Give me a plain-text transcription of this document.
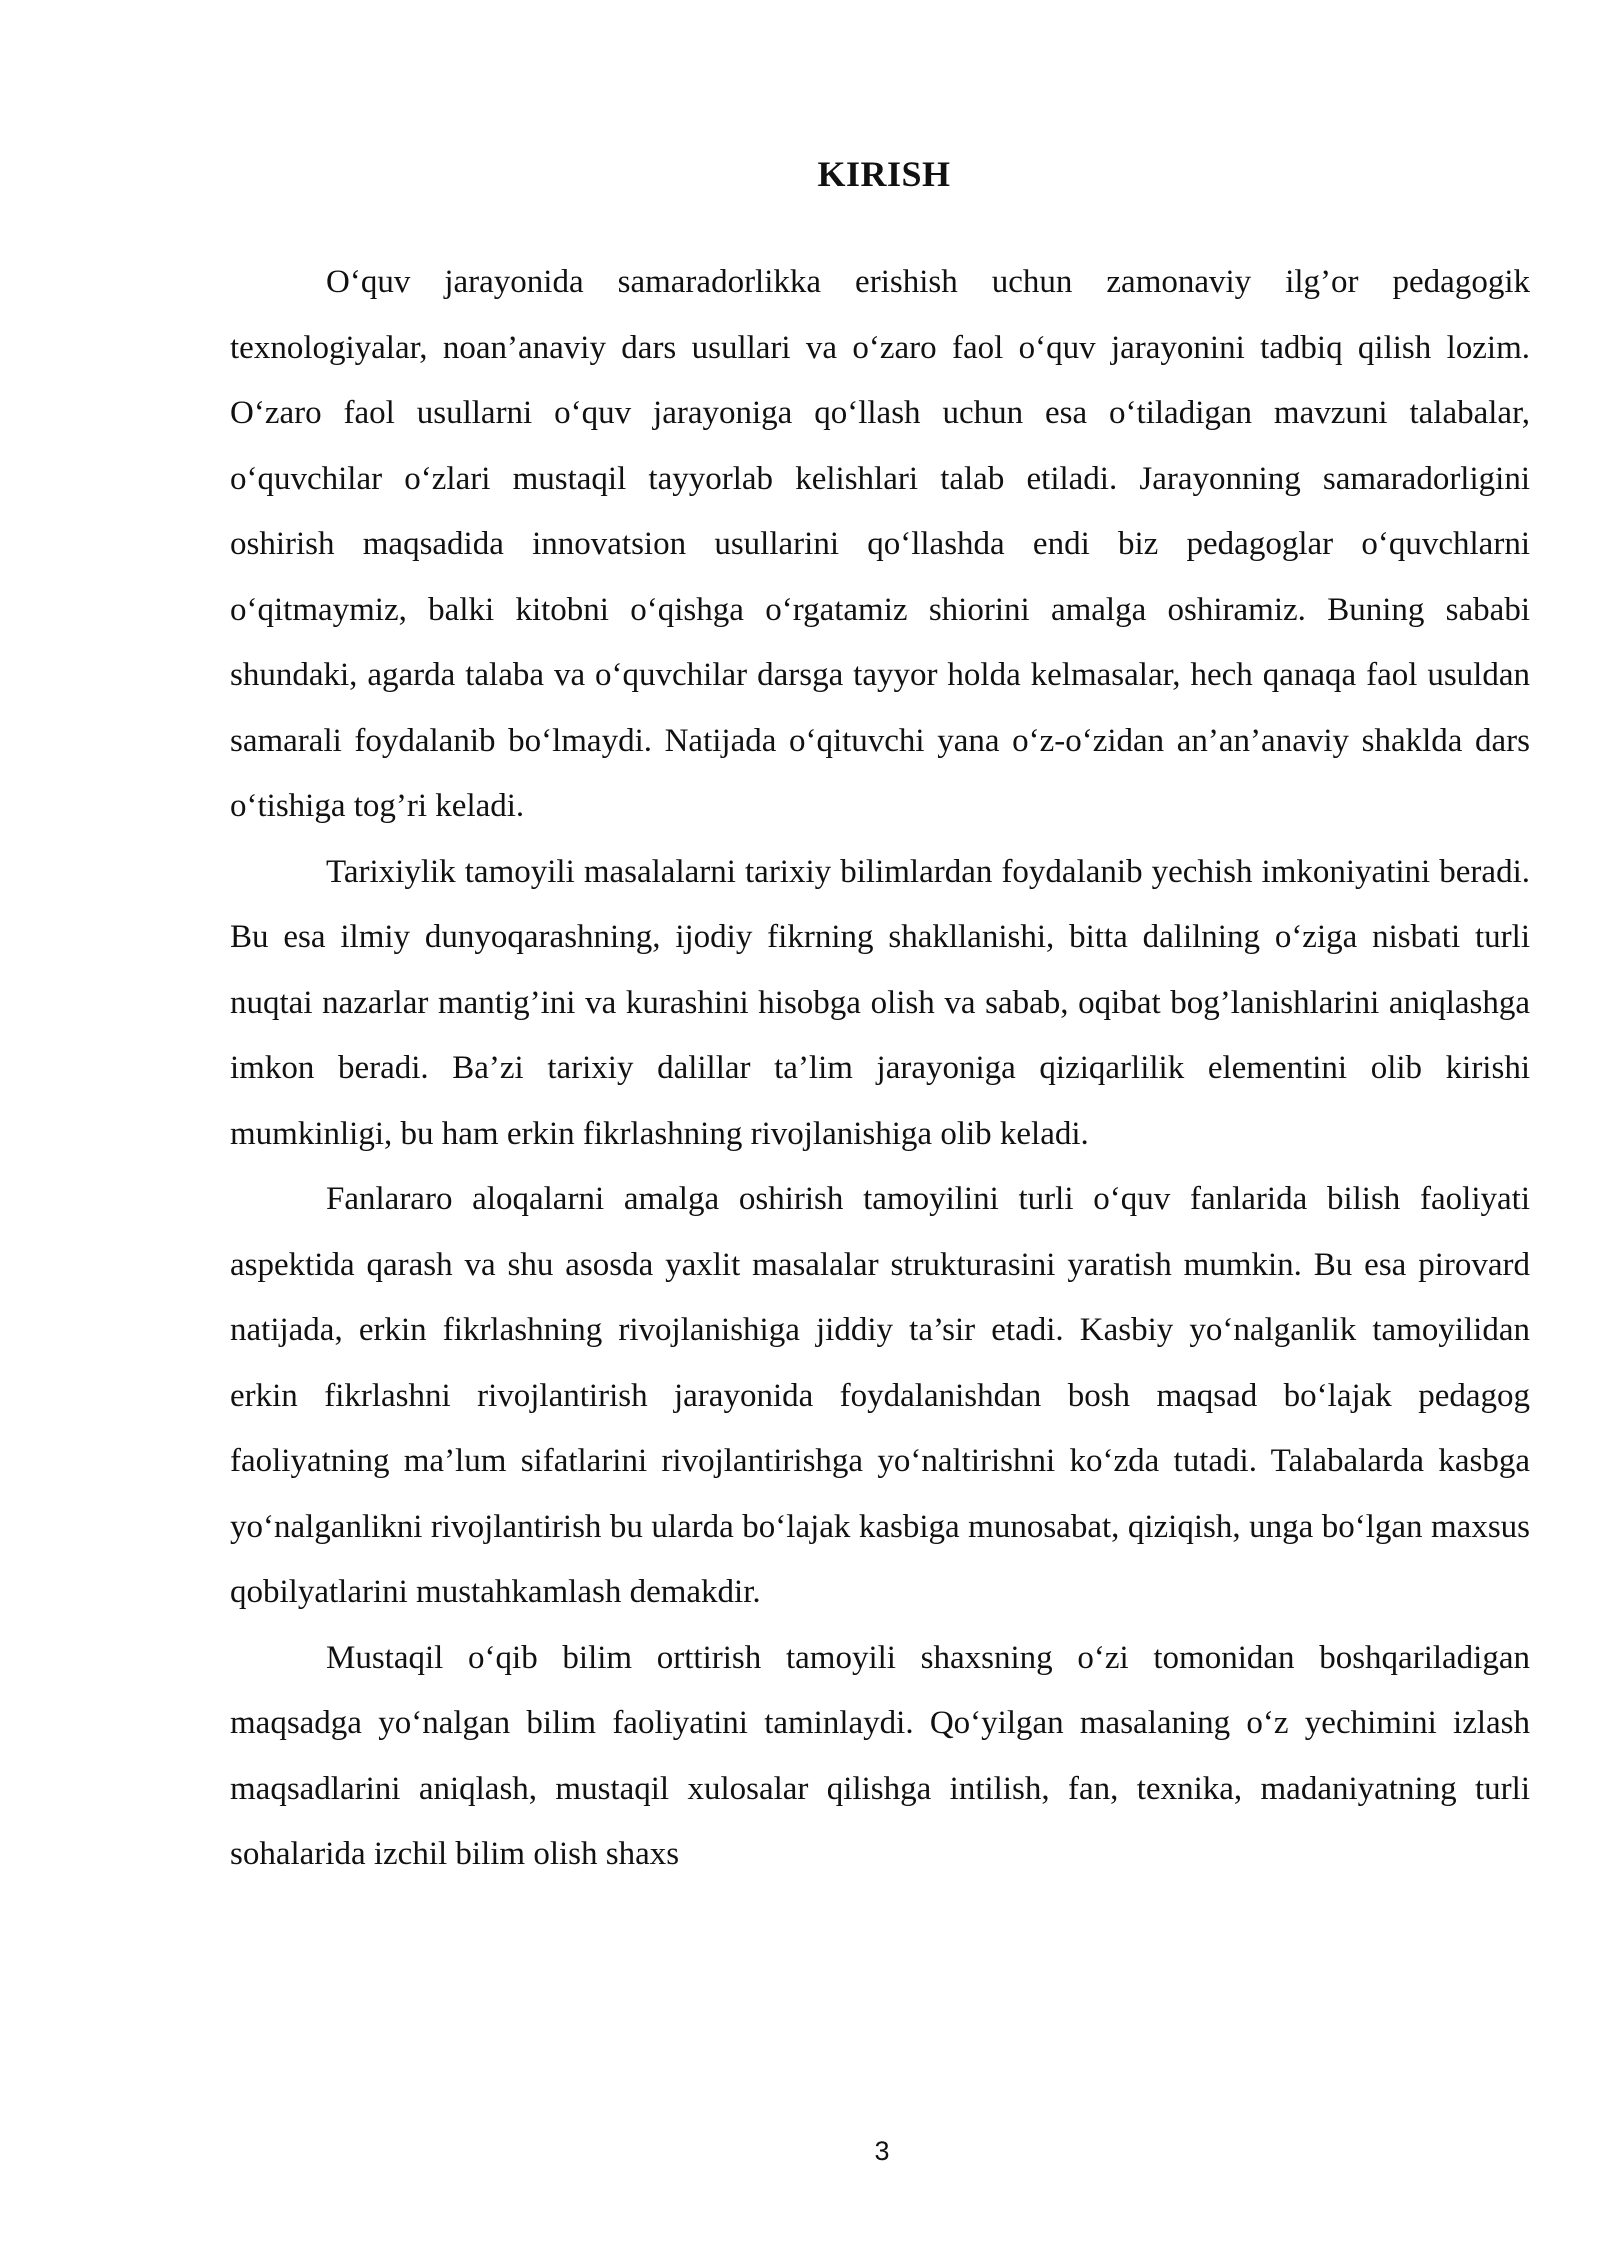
KIRISH

O‘quv jarayonida samaradorlikka erishish uchun zamonaviy ilg’or pedagogik texnologiyalar, noan’anaviy dars usullari va o‘zaro faol o‘quv jarayonini tadbiq qilish lozim. O‘zaro faol usullarni o‘quv jarayoniga qo‘llash uchun esa o‘tiladigan mavzuni talabalar, o‘quvchilar o‘zlari mustaqil tayyorlab kelishlari talab etiladi. Jarayonning samaradorligini oshirish maqsadida innovatsion usullarini qo‘llashda endi biz pedagoglar o‘quvchlarni o‘qitmaymiz, balki kitobni o‘qishga o‘rgatamiz shiorini amalga oshiramiz. Buning sababi shundaki, agarda talaba va o‘quvchilar darsga tayyor holda kelmasalar, hech qanaqa faol usuldan samarali foydalanib bo‘lmaydi. Natijada o‘qituvchi yana o‘z-o‘zidan an’an’anaviy shaklda dars o‘tishiga tog’ri keladi.

Tarixiylik tamoyili masalalarni tarixiy bilimlardan foydalanib yechish imkoniyatini beradi. Bu esa ilmiy dunyoqarashning, ijodiy fikrning shakllanishi, bitta dalilning o‘ziga nisbati turli nuqtai nazarlar mantig’ini va kurashini hisobga olish va sabab, oqibat bog’lanishlarini aniqlashga imkon beradi. Ba’zi tarixiy dalillar ta’lim jarayoniga qiziqarlilik elementini olib kirishi mumkinligi, bu ham erkin fikrlashning rivojlanishiga olib keladi.

Fanlararo aloqalarni amalga oshirish tamoyilini turli o‘quv fanlarida bilish faoliyati aspektida qarash va shu asosda yaxlit masalalar strukturasini yaratish mumkin. Bu esa pirovard natijada, erkin fikrlashning rivojlanishiga jiddiy ta’sir etadi. Kasbiy yo‘nalganlik tamoyilidan erkin fikrlashni rivojlantirish jarayonida foydalanishdan bosh maqsad bo‘lajak pedagog faoliyatning ma’lum sifatlarini rivojlantirishga yo‘naltirishni ko‘zda tutadi. Talabalarda kasbga yo‘nalganlikni rivojlantirish bu ularda bo‘lajak kasbiga munosabat, qiziqish, unga bo‘lgan maxsus qobilyatlarini mustahkamlash demakdir.

Mustaqil o‘qib bilim orttirish tamoyili shaxsning o‘zi tomonidan boshqariladigan maqsadga yo‘nalgan bilim faoliyatini taminlaydi. Qo‘yilgan masalaning o‘z yechimini izlash maqsadlarini aniqlash, mustaqil xulosalar qilishga intilish, fan, texnika, madaniyatning turli sohalarida izchil bilim olish shaxs

3
